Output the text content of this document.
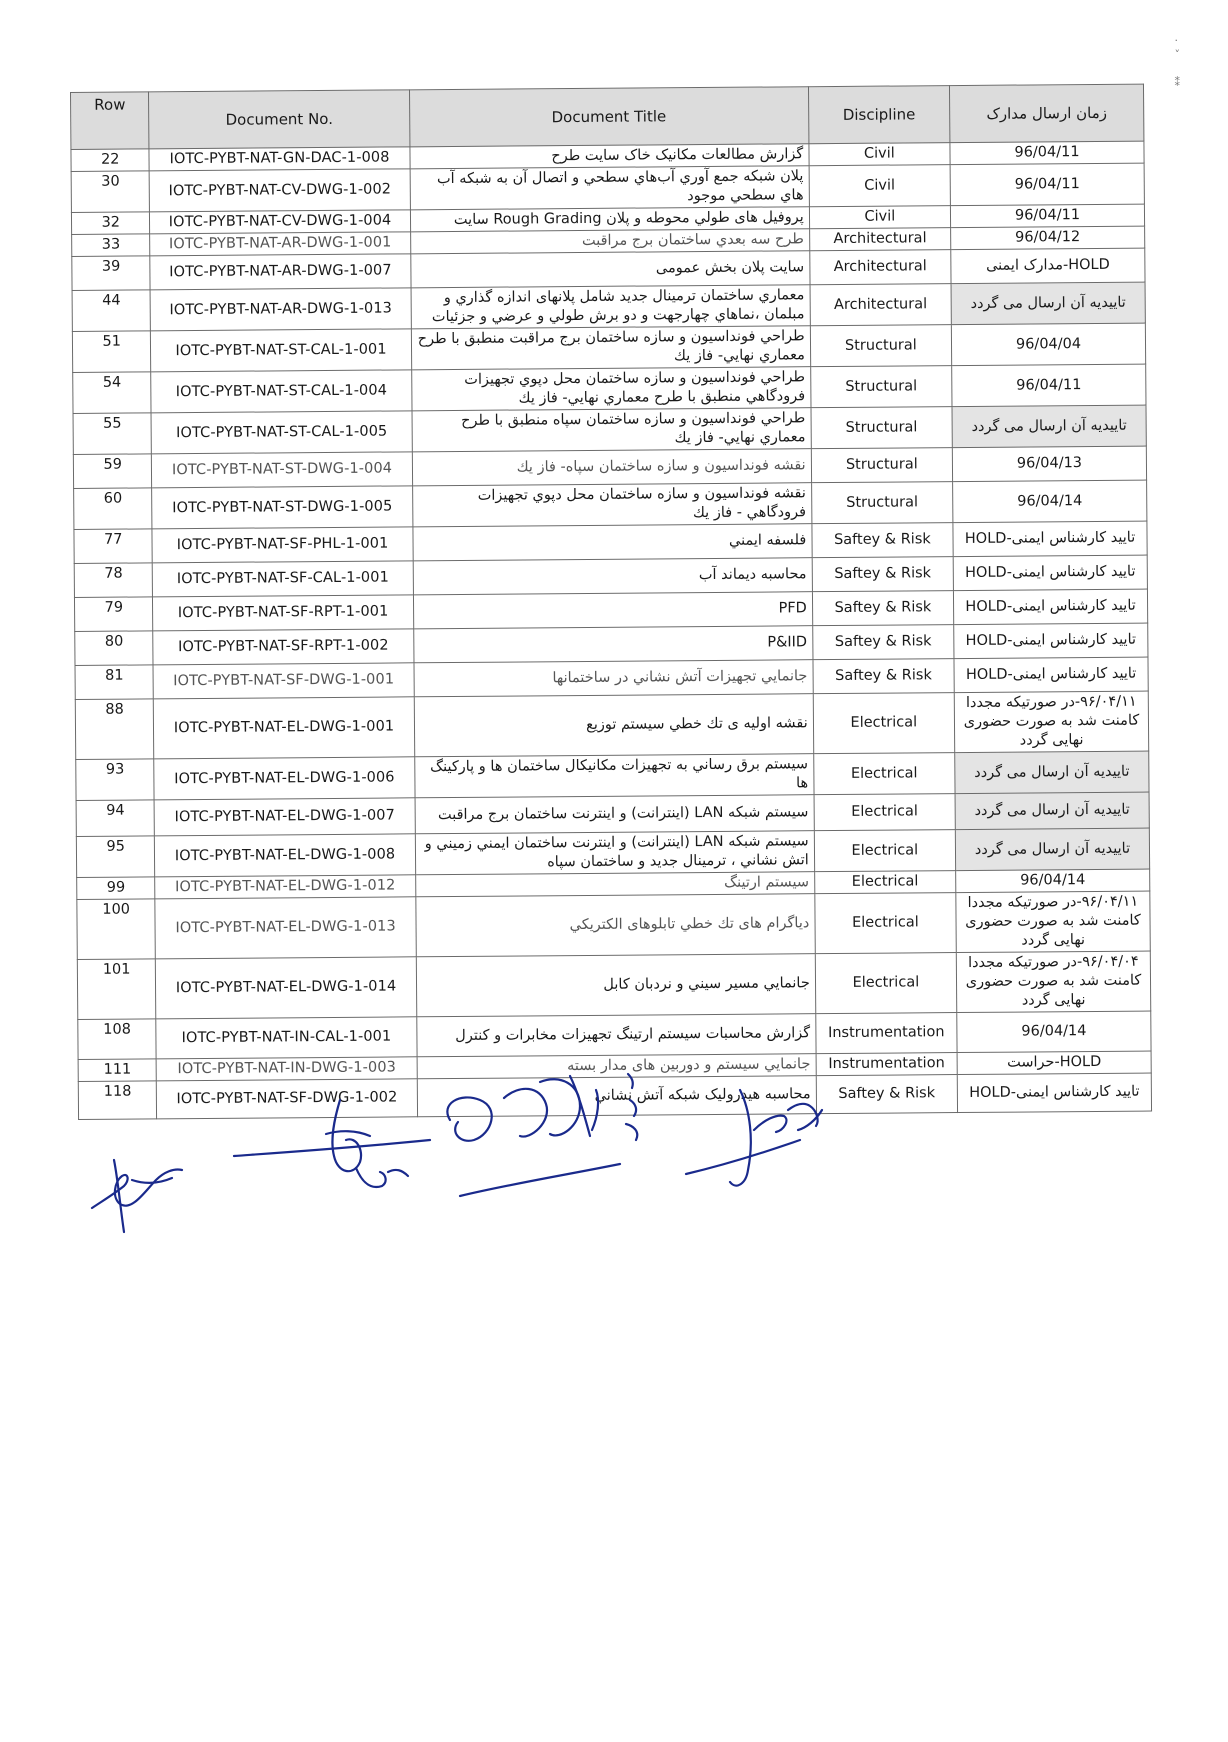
·
˅

⁑
Row	Document No.	Document Title	Discipline	زمان ارسال مدارک
22	IOTC-PYBT-NAT-GN-DAC-1-008	گزارش مطالعات مکانیک خاک سایت طرح	Civil	96/04/11
30	IOTC-PYBT-NAT-CV-DWG-1-002	پلان شبکه جمع آوري آب‌هاي سطحي و اتصال آن به شبکه آب هاي سطحي موجود	Civil	96/04/11
32	IOTC-PYBT-NAT-CV-DWG-1-004	پروفیل های طولي محوطه و پلان Rough Grading سایت	Civil	96/04/11
33	IOTC-PYBT-NAT-AR-DWG-1-001	طرح سه بعدي ساختمان برج مراقبت	Architectural	96/04/12
39	IOTC-PYBT-NAT-AR-DWG-1-007	سایت پلان بخش عمومی	Architectural	HOLD-مدارک ایمنی
44	IOTC-PYBT-NAT-AR-DWG-1-013	معماري ساختمان ترمینال جدید شامل پلانهای اندازه گذاري و مبلمان ،نماهاي چهارجهت و دو برش طولي و عرضي و جزئیات	Architectural	تاییدیه آن ارسال می گردد
51	IOTC-PYBT-NAT-ST-CAL-1-001	طراحي فونداسیون و سازه ساختمان برج مراقبت منطبق با طرح معماري نهایي- فاز یك	Structural	96/04/04
54	IOTC-PYBT-NAT-ST-CAL-1-004	طراحي فونداسیون و سازه ساختمان محل دپوي تجهیزات فرودگاهي منطبق با طرح معماري نهایي- فاز یك	Structural	96/04/11
55	IOTC-PYBT-NAT-ST-CAL-1-005	طراحي فونداسیون و سازه ساختمان سپاه منطبق با طرح معماري نهایي- فاز یك	Structural	تاییدیه آن ارسال می گردد
59	IOTC-PYBT-NAT-ST-DWG-1-004	نقشه فونداسیون و سازه ساختمان سپاه- فاز یك	Structural	96/04/13
60	IOTC-PYBT-NAT-ST-DWG-1-005	نقشه فونداسیون و سازه ساختمان محل دپوي تجهیزات فرودگاهي - فاز یك	Structural	96/04/14
77	IOTC-PYBT-NAT-SF-PHL-1-001	فلسفه ایمني	Saftey & Risk	تایید کارشناس ایمنی-HOLD
78	IOTC-PYBT-NAT-SF-CAL-1-001	محاسبه دیماند آب	Saftey & Risk	تایید کارشناس ایمنی-HOLD
79	IOTC-PYBT-NAT-SF-RPT-1-001	PFD	Saftey & Risk	تایید کارشناس ایمنی-HOLD
80	IOTC-PYBT-NAT-SF-RPT-1-002	P&IID	Saftey & Risk	تایید کارشناس ایمنی-HOLD
81	IOTC-PYBT-NAT-SF-DWG-1-001	جانمایي تجهیزات آتش نشاني در ساختمانها	Saftey & Risk	تایید کارشناس ایمنی-HOLD
88	IOTC-PYBT-NAT-EL-DWG-1-001	نقشه اولیه ی تك خطي سیستم توزیع	Electrical	۹۶/۰۴/۱۱-در صورتیکه مجددا کامنت شد به صورت حضوری نهایی گردد
93	IOTC-PYBT-NAT-EL-DWG-1-006	سیستم برق رساني به تجهیزات مکانیکال ساختمان ها و پارکینگ ها	Electrical	تاییدیه آن ارسال می گردد
94	IOTC-PYBT-NAT-EL-DWG-1-007	سیستم شبکه LAN (اینترانت) و اینترنت ساختمان برج مراقبت	Electrical	تاییدیه آن ارسال می گردد
95	IOTC-PYBT-NAT-EL-DWG-1-008	سیستم شبکه LAN (اینترانت) و اینترنت ساختمان ایمني زمیني و اتش نشاني ، ترمینال جدید و ساختمان سپاه	Electrical	تاییدیه آن ارسال می گردد
99	IOTC-PYBT-NAT-EL-DWG-1-012	سیستم ارتینگ	Electrical	96/04/14
100	IOTC-PYBT-NAT-EL-DWG-1-013	دیاگرام های تك خطي تابلوهای الکتریکي	Electrical	۹۶/۰۴/۱۱-در صورتیکه مجددا کامنت شد به صورت حضوری نهایی گردد
101	IOTC-PYBT-NAT-EL-DWG-1-014	جانمایي مسیر سیني و نردبان کابل	Electrical	۹۶/۰۴/۰۴-در صورتیکه مجددا کامنت شد به صورت حضوری نهایی گردد
108	IOTC-PYBT-NAT-IN-CAL-1-001	گزارش محاسبات سیستم ارتینگ تجهیزات مخابرات و کنترل	Instrumentation	96/04/14
111	IOTC-PYBT-NAT-IN-DWG-1-003	جانمایي سیستم و دوربین های مدار بسته	Instrumentation	HOLD-حراست
118	IOTC-PYBT-NAT-SF-DWG-1-002	محاسبه هیدرولیک شبکه آتش نشاني	Saftey & Risk	تایید کارشناس ایمنی-HOLD
